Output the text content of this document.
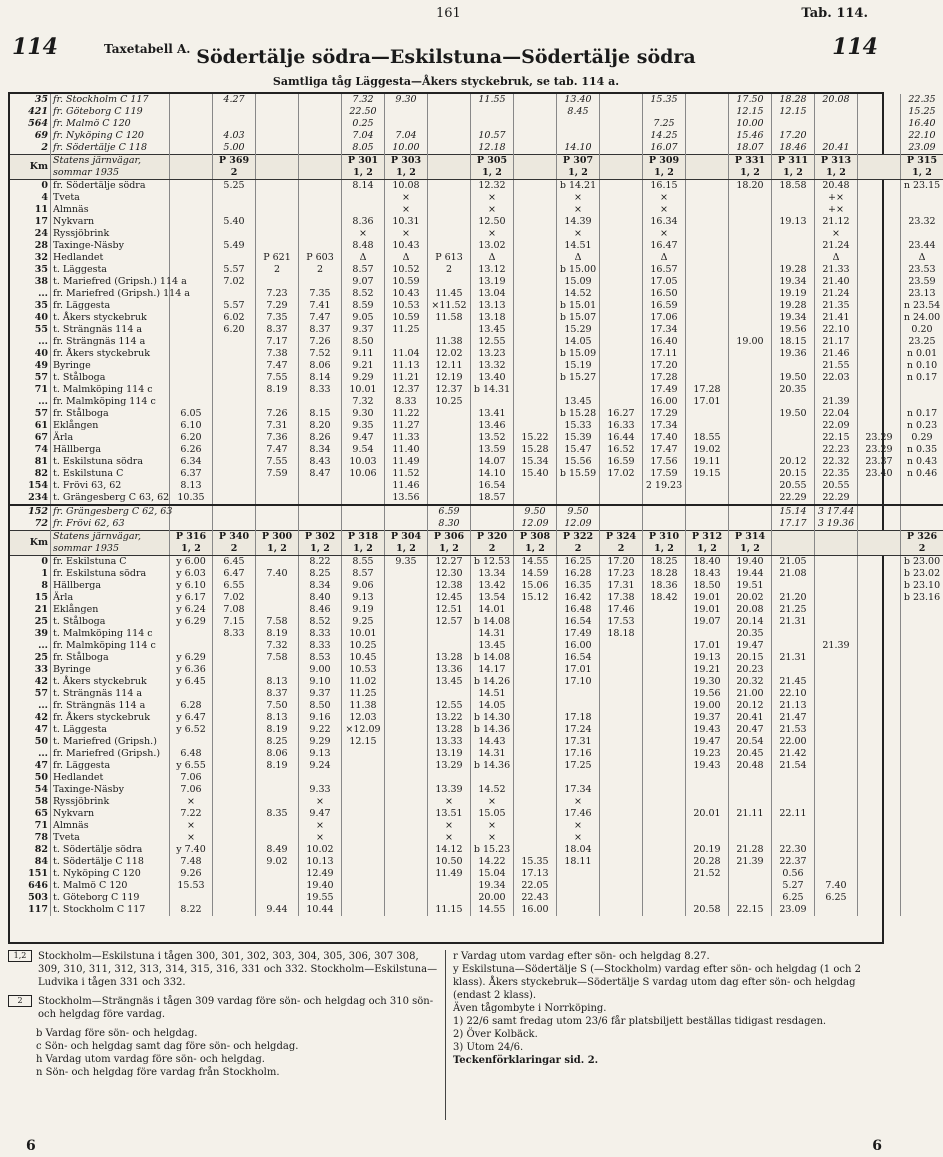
161	Tab. 114.
114	Taxetabell A. Södertälje södra—Eskilstuna—Södertälje södra
Samtliga tåg Läggesta—Åkers styckebruk, se tab. 114 a.
114
35	fr. Stockholm C 117		4.27			7.32	9.30		11.55		13.40		15.35		17.50	18.28	20.08		22.35
421	fr. Göteborg C 119					22.50					8.45				12.15	12.15			15.25
564	fr. Malmö C 120					0.25							7.25		10.00				16.40
69	fr. Nyköping C 120		4.03			7.04	7.04		10.57				14.25		15.46	17.20			22.10
2	fr. Södertälje C 118		5.00			8.05	10.00		12.18		14.10		16.07		18.07	18.46	20.41		23.09
Km	Statens järnvägar, sommar 1935		P 369 2			P 301 1, 2	P 303 1, 2		P 305 1, 2		P 307 1, 2		P 309 1, 2		P 331 1, 2	P 311 1, 2	P 313 1, 2		P 315 1, 2
0	fr. Södertälje södra		5.25			8.14	10.08		12.32		b 14.21		16.15		18.20	18.58	20.48		n 23.15
4	Tveta						×		×		×		×				+×		
11	Almnäs						×		×		×		×				+×		
17	Nykvarn		5.40			8.36	10.31		12.50		14.39		16.34			19.13	21.12		23.32
24	Ryssjöbrink					×	×		×		×		×				×		
28	Taxinge-Näsby		5.49			8.48	10.43		13.02		14.51		16.47				21.24		23.44
32	Hedlandet			P 621	P 603	Δ	Δ	P 613	Δ		Δ		Δ				Δ		Δ
35	t. Läggesta		5.57	2	2	8.57	10.52	2	13.12		b 15.00		16.57			19.28	21.33		23.53
38	t. Mariefred (Gripsh.) 114 a		7.02			9.07	10.59		13.19		15.09		17.05			19.34	21.40		23.59
...	fr. Mariefred (Gripsh.) 114 a			7.23	7.35	8.52	10.43	11.45	13.04		14.52		16.50			19.19	21.24		23.13
35	fr. Läggesta		5.57	7.29	7.41	8.59	10.53	×11.52	13.13		b 15.01		16.59			19.28	21.35		n 23.54
40	t. Åkers styckebruk		6.02	7.35	7.47	9.05	10.59	11.58	13.18		b 15.07		17.06			19.34	21.41		n 24.00
55	t. Strängnäs 114 a		6.20	8.37	8.37	9.37	11.25		13.45		15.29		17.34			19.56	22.10		0.20
...	fr. Strängnäs 114 a			7.17	7.26	8.50		11.38	12.55		14.05		16.40		19.00	18.15	21.17		23.25
40	fr. Åkers styckebruk			7.38	7.52	9.11	11.04	12.02	13.23		b 15.09		17.11			19.36	21.46		n 0.01
49	Byringe			7.47	8.06	9.21	11.13	12.11	13.32		15.19		17.20				21.55		n 0.10
57	t. Stålboga			7.55	8.14	9.29	11.21	12.19	13.40		b 15.27		17.28			19.50	22.03		n 0.17
71	t. Malmköping 114 c			8.19	8.33	10.01	12.37	12.37	b 14.31				17.49	17.28		20.35			
...	fr. Malmköping 114 c					7.32	8.33	10.25			13.45		16.00	17.01			21.39		
57	fr. Stålboga	6.05		7.26	8.15	9.30	11.22		13.41		b 15.28	16.27	17.29			19.50	22.04		n 0.17
61	Eklången	6.10		7.31	8.20	9.35	11.27		13.46		15.33	16.33	17.34				22.09		n 0.23
67	Ärla	6.20		7.36	8.26	9.47	11.33		13.52	15.22	15.39	16.44	17.40	18.55			22.15	23.29	0.29
74	Hällberga	6.26		7.47	8.34	9.54	11.40		13.59	15.28	15.47	16.52	17.47	19.02			22.23	23.29	n 0.35
81	t. Eskilstuna södra	6.34		7.55	8.43	10.03	11.49		14.07	15.34	15.56	16.59	17.56	19.11		20.12	22.32	23.37	n 0.43
82	t. Eskilstuna C	6.37		7.59	8.47	10.06	11.52		14.10	15.40	b 15.59	17.02	17.59	19.15		20.15	22.35	23.40	n 0.46
154	t. Frövi 63, 62	8.13					11.46		16.54				2 19.23			20.55	20.55		
234	t. Grängesberg C 63, 62	10.35					13.56		18.57							22.29	22.29		
152	fr. Grängesberg C 62, 63							6.59		9.50	9.50					15.14	3 17.44		
72	fr. Frövi 62, 63							8.30		12.09	12.09					17.17	3 19.36		
Km	Statens järnvägar, sommar 1935	P 316 1, 2	P 340 2	P 300 1, 2	P 302 1, 2	P 318 1, 2	P 304 1, 2	P 306 1, 2	P 320 2	P 308 1, 2	P 322 2	P 324 2	P 310 1, 2	P 312 1, 2	P 314 1, 2				P 326 2
0	fr. Eskilstuna C	y 6.00	6.45		8.22	8.55	9.35	12.27	b 12.53	14.55	16.25	17.20	18.25	18.40	19.40	21.05			b 23.00
1	fr. Eskilstuna södra	y 6.03	6.47	7.40	8.25	8.57		12.30	13.34	14.59	16.28	17.23	18.28	18.43	19.44	21.08			b 23.02
8	Hällberga	y 6.10	6.55		8.34	9.06		12.38	13.42	15.06	16.35	17.31	18.36	18.50	19.51				b 23.10
15	Ärla	y 6.17	7.02		8.40	9.13		12.45	13.54	15.12	16.42	17.38	18.42	19.01	20.02	21.20			b 23.16
21	Eklången	y 6.24	7.08		8.46	9.19		12.51	14.01		16.48	17.46		19.01	20.08	21.25			
25	t. Stålboga	y 6.29	7.15	7.58	8.52	9.25		12.57	b 14.08		16.54	17.53		19.07	20.14	21.31			
39	t. Malmköping 114 c		8.33	8.19	8.33	10.01			14.31		17.49	18.18			20.35				
...	fr. Malmköping 114 c			7.32	8.33	10.25			13.45		16.00			17.01	19.47		21.39		
25	fr. Stålboga	y 6.29		7.58	8.53	10.45		13.28	b 14.08		16.54			19.13	20.15	21.31			
33	Byringe	y 6.36			9.00	10.53		13.36	14.17		17.01			19.21	20.23				
42	t. Åkers styckebruk	y 6.45		8.13	9.10	11.02		13.45	b 14.26		17.10			19.30	20.32	21.45			
57	t. Strängnäs 114 a			8.37	9.37	11.25			14.51					19.56	21.00	22.10			
...	fr. Strängnäs 114 a	6.28		7.50	8.50	11.38		12.55	14.05					19.00	20.12	21.13			
42	fr. Åkers styckebruk	y 6.47		8.13	9.16	12.03		13.22	b 14.30		17.18			19.37	20.41	21.47			
47	t. Läggesta	y 6.52		8.19	9.22	×12.09		13.28	b 14.36		17.24			19.43	20.47	21.53			
50	t. Mariefred (Gripsh.)			8.25	9.29	12.15		13.33	14.43		17.31			19.47	20.54	22.00			
...	fr. Mariefred (Gripsh.)	6.48		8.06	9.13			13.19	14.31		17.16			19.23	20.45	21.42			
47	fr. Läggesta	y 6.55		8.19	9.24			13.29	b 14.36		17.25			19.43	20.48	21.54			
50	Hedlandet	7.06																	
54	Taxinge-Näsby	7.06			9.33			13.39	14.52		17.34								
58	Ryssjöbrink	×			×			×	×		×								
65	Nykvarn	7.22		8.35	9.47			13.51	15.05		17.46			20.01	21.11	22.11			
71	Almnäs	×			×			×	×		×								
78	Tveta	×			×			×	×		×								
82	t. Södertälje södra	y 7.40		8.49	10.02			14.12	b 15.23		18.04			20.19	21.28	22.30			
84	t. Södertälje C 118	7.48		9.02	10.13			10.50	14.22	15.35	18.11			20.28	21.39	22.37			
151	t. Nyköping C 120	9.26			12.49			11.49	15.04	17.13				21.52		0.56			
646	t. Malmö C 120	15.53			19.40				19.34	22.05						5.27	7.40		
503	t. Göteborg C 119				19.55				20.00	22.43						6.25	6.25		
117	t. Stockholm C 117	8.22		9.44	10.44			11.15	14.55	16.00				20.58	22.15	23.09			
1,2	Stockholm—Eskilstuna i tågen 300, 301, 302, 303, 304, 305, 306, 307 308, 309, 310, 311, 312, 313, 314, 315, 316, 331 och 332. Stockholm—Eskilstuna—Ludvika i tågen 331 och 332.

2	Stockholm—Strängnäs i tågen 309 vardag före sön- och helgdag och 310 sön- och helgdag före vardag.

b Vardag före sön- och helgdag.

c Sön- och helgdag samt dag före sön- och helgdag.

h Vardag utom vardag före sön- och helgdag.

n Sön- och helgdag före vardag från Stockholm.

r Vardag utom vardag efter sön- och helgdag 8.27.

y Eskilstuna—Södertälje S (—Stockholm) vardag efter sön- och helgdag (1 och 2 klass). Åkers styckebruk—Södertälje S vardag utom dag efter sön- och helgdag (endast 2 klass).

Även tågombyte i Norrköping.

1) 22/6 samt fredag utom 23/6 får platsbiljett beställas tidigast resdagen.

2) Över Kolbäck.

3) Utom 24/6.

Teckenförklaringar sid. 2.

6	6
